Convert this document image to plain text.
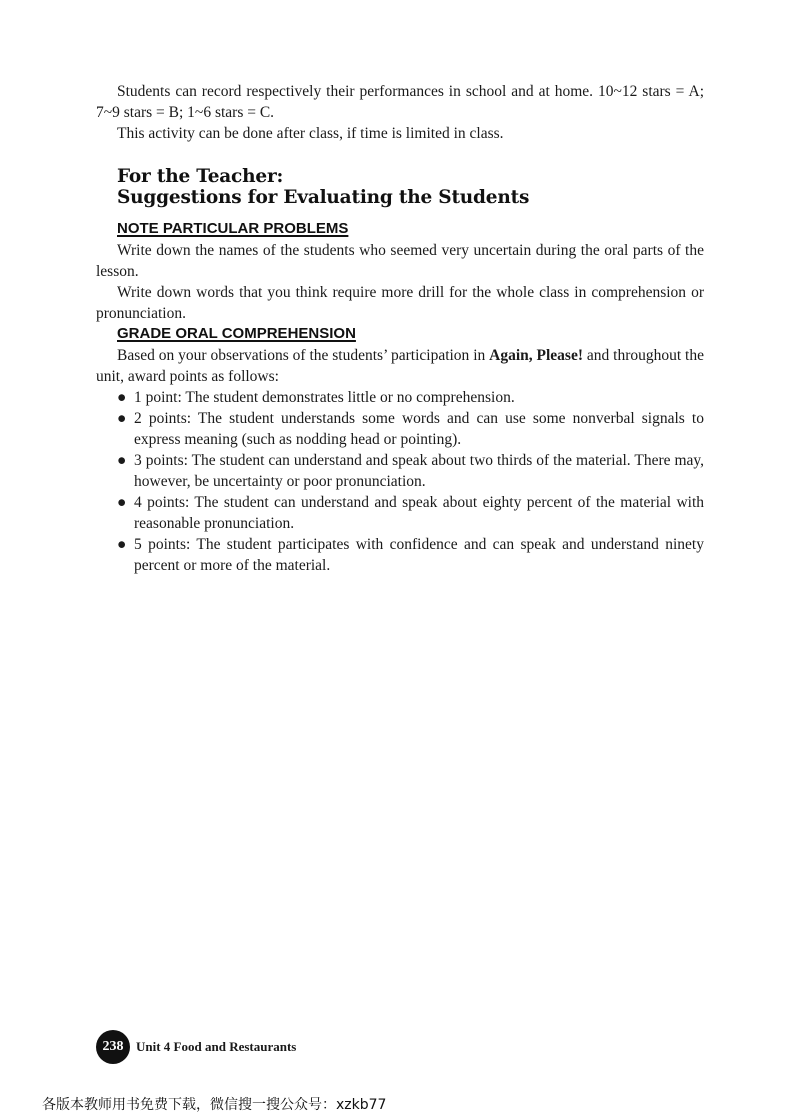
Students can record respectively their performances in school and at home. 10~12 stars = A; 7~9 stars = B; 1~6 stars = C.

This activity can be done after class, if time is limited in class.

For the Teacher:
Suggestions for Evaluating the Students
NOTE PARTICULAR PROBLEMS

Write down the names of the students who seemed very uncertain during the oral parts of the lesson.

Write down words that you think require more drill for the whole class in comprehension or pronunciation.

GRADE ORAL COMPREHENSION

Based on your observations of the students’ participation in Again, Please! and throughout the unit, award points as follows:

● 1 point: The student demonstrates little or no comprehension.
● 2 points: The student understands some words and can use some nonverbal signals to express meaning (such as nodding head or pointing).
● 3 points: The student can understand and speak about two thirds of the material. There may, however, be uncertainty or poor pronunciation.
● 4 points: The student can understand and speak about eighty percent of the material with reasonable pronunciation.
● 5 points: The student participates with confidence and can speak and understand ninety percent or more of the material.
238 Unit 4 Food and Restaurants
各版本教师用书免费下载，微信搜一搜公众号：xzkb77
